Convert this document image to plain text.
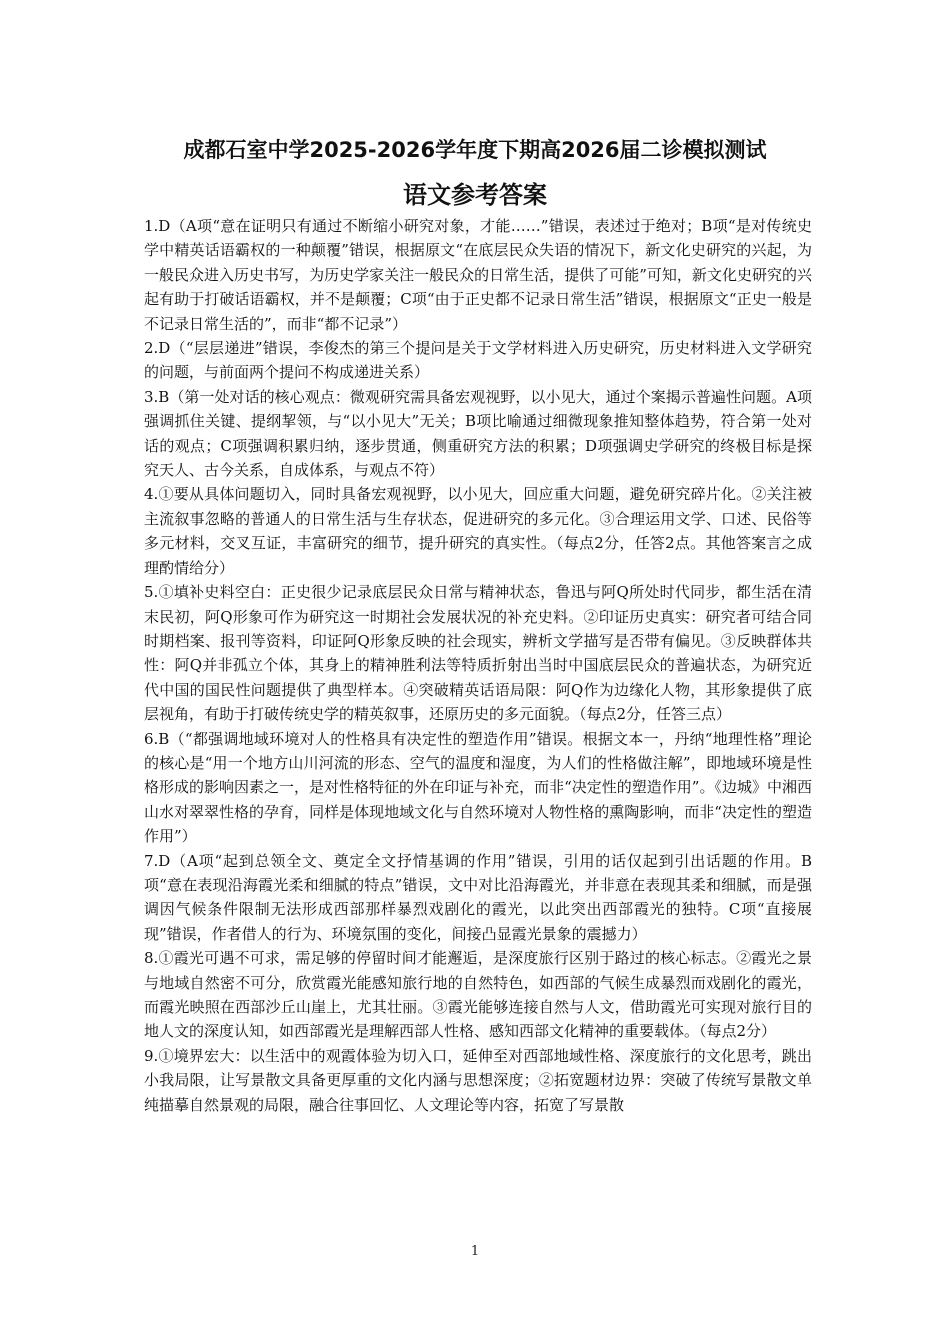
成都石室中学2025-2026学年度下期高2026届二诊模拟测试
语文参考答案

1.D（A项“意在证明只有通过不断缩小研究对象，才能……”错误，表述过于绝对；B项“是对传统史学中精英话语霸权的一种颠覆”错误，根据原文“在底层民众失语的情况下，新文化史研究的兴起，为一般民众进入历史书写，为历史学家关注一般民众的日常生活，提供了可能”可知，新文化史研究的兴起有助于打破话语霸权，并不是颠覆；C项“由于正史都不记录日常生活”错误，根据原文“正史一般是不记录日常生活的”，而非“都不记录”）

2.D（“层层递进”错误，李俊杰的第三个提问是关于文学材料进入历史研究，历史材料进入文学研究的问题，与前面两个提问不构成递进关系）

3.B（第一处对话的核心观点：微观研究需具备宏观视野，以小见大，通过个案揭示普遍性问题。A项强调抓住关键、提纲挈领，与“以小见大”无关；B项比喻通过细微现象推知整体趋势，符合第一处对话的观点；C项强调积累归纳，逐步贯通，侧重研究方法的积累；D项强调史学研究的终极目标是探究天人、古今关系，自成体系，与观点不符）

4.①要从具体问题切入，同时具备宏观视野，以小见大，回应重大问题，避免研究碎片化。②关注被主流叙事忽略的普通人的日常生活与生存状态，促进研究的多元化。③合理运用文学、口述、民俗等多元材料，交叉互证，丰富研究的细节，提升研究的真实性。（每点2分，任答2点。其他答案言之成理酌情给分）

5.①填补史料空白：正史很少记录底层民众日常与精神状态，鲁迅与阿Q所处时代同步，都生活在清末民初，阿Q形象可作为研究这一时期社会发展状况的补充史料。②印证历史真实：研究者可结合同时期档案、报刊等资料，印证阿Q形象反映的社会现实，辨析文学描写是否带有偏见。③反映群体共性：阿Q并非孤立个体，其身上的精神胜利法等特质折射出当时中国底层民众的普遍状态，为研究近代中国的国民性问题提供了典型样本。④突破精英话语局限：阿Q作为边缘化人物，其形象提供了底层视角，有助于打破传统史学的精英叙事，还原历史的多元面貌。（每点2分，任答三点）

6.B（“都强调地域环境对人的性格具有决定性的塑造作用”错误。根据文本一，丹纳“地理性格”理论的核心是“用一个地方山川河流的形态、空气的温度和湿度，为人们的性格做注解”，即地域环境是性格形成的影响因素之一，是对性格特征的外在印证与补充，而非“决定性的塑造作用”。《边城》中湘西山水对翠翠性格的孕育，同样是体现地域文化与自然环境对人物性格的熏陶影响，而非“决定性的塑造作用”）

7.D（A项“起到总领全文、奠定全文抒情基调的作用”错误，引用的话仅起到引出话题的作用。B项“意在表现沿海霞光柔和细腻的特点”错误，文中对比沿海霞光，并非意在表现其柔和细腻，而是强调因气候条件限制无法形成西部那样暴烈戏剧化的霞光，以此突出西部霞光的独特。C项“直接展现”错误，作者借人的行为、环境氛围的变化，间接凸显霞光景象的震撼力）

8.①霞光可遇不可求，需足够的停留时间才能邂逅，是深度旅行区别于路过的核心标志。②霞光之景与地域自然密不可分，欣赏霞光能感知旅行地的自然特色，如西部的气候生成暴烈而戏剧化的霞光，而霞光映照在西部沙丘山崖上，尤其壮丽。③霞光能够连接自然与人文，借助霞光可实现对旅行目的地人文的深度认知，如西部霞光是理解西部人性格、感知西部文化精神的重要载体。（每点2分）

9.①境界宏大：以生活中的观霞体验为切入口，延伸至对西部地域性格、深度旅行的文化思考，跳出小我局限，让写景散文具备更厚重的文化内涵与思想深度；②拓宽题材边界：突破了传统写景散文单纯描摹自然景观的局限，融合往事回忆、人文理论等内容，拓宽了写景散

1
